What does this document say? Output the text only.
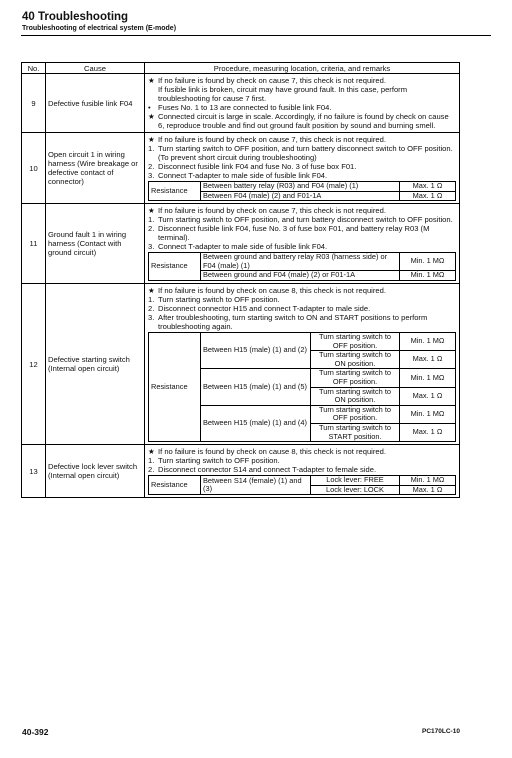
40 Troubleshooting
Troubleshooting of electrical system (E-mode)
No.	Cause	Procedure, measuring location, criteria, and remarks
9	Defective fusible link F04	
★ If no failure is found by check on cause 7, this check is not required.
If fusible link is broken, circuit may have ground fault. In this case, perform troubleshooting for cause 7 first.
• Fuses No. 1 to 13 are connected to fusible link F04.
★ Connected circuit is large in scale. Accordingly, if no failure is found by check on cause 6, reproduce trouble and find out ground fault position by sound and burning smell.

10	Open circuit 1 in wiring harness (Wire breakage or defective contact of connector)	
★ If no failure is found by check on cause 7, this check is not required.
1. Turn starting switch to OFF position, and turn battery disconnect switch to OFF position.
(To prevent short circuit during troubleshooting)
2. Disconnect fusible link F04 and fuse No. 3 of fuse box F01.
3. Connect T-adapter to male side of fusible link F04.
Resistance	Between battery relay (R03) and F04 (male) (1)	Max. 1 Ω
Between F04 (male) (2) and F01-1A	Max. 1 Ω

11	Ground fault 1 in wiring harness (Contact with ground circuit)	
★ If no failure is found by check on cause 7, this check is not required.
1. Turn starting switch to OFF position, and turn battery disconnect switch to OFF position.
2. Disconnect fusible link F04, fuse No. 3 of fuse box F01, and battery relay R03 (M terminal).
3. Connect T-adapter to male side of fusible link F04.
Resistance	Between ground and battery relay R03 (harness side) or F04 (male) (1)	Min. 1 MΩ
Between ground and F04 (male) (2) or F01-1A	Min. 1 MΩ

12	Defective starting switch (Internal open circuit)	
★ If no failure is found by check on cause 8, this check is not required.
1. Turn starting switch to OFF position.
2. Disconnect connector H15 and connect T-adapter to male side.
3. After troubleshooting, turn starting switch to ON and START positions to perform troubleshooting again.
Resistance	Between H15 (male) (1) and (2)	Turn starting switch to OFF position.	Min. 1 MΩ
Turn starting switch to ON position.	Max. 1 Ω
Between H15 (male) (1) and (5)	Turn starting switch to OFF position.	Min. 1 MΩ
Turn starting switch to ON position.	Max. 1 Ω
Between H15 (male) (1) and (4)	Turn starting switch to OFF position.	Min. 1 MΩ
Turn starting switch to START position.	Max. 1 Ω

13	Defective lock lever switch (Internal open circuit)	
★ If no failure is found by check on cause 8, this check is not required.
1. Turn starting switch to OFF position.
2. Disconnect connector S14 and connect T-adapter to female side.
Resistance	Between S14 (female) (1) and (3)	Lock lever: FREE	Min. 1 MΩ
Lock lever: LOCK	Max. 1 Ω
40-392	PC170LC-10
